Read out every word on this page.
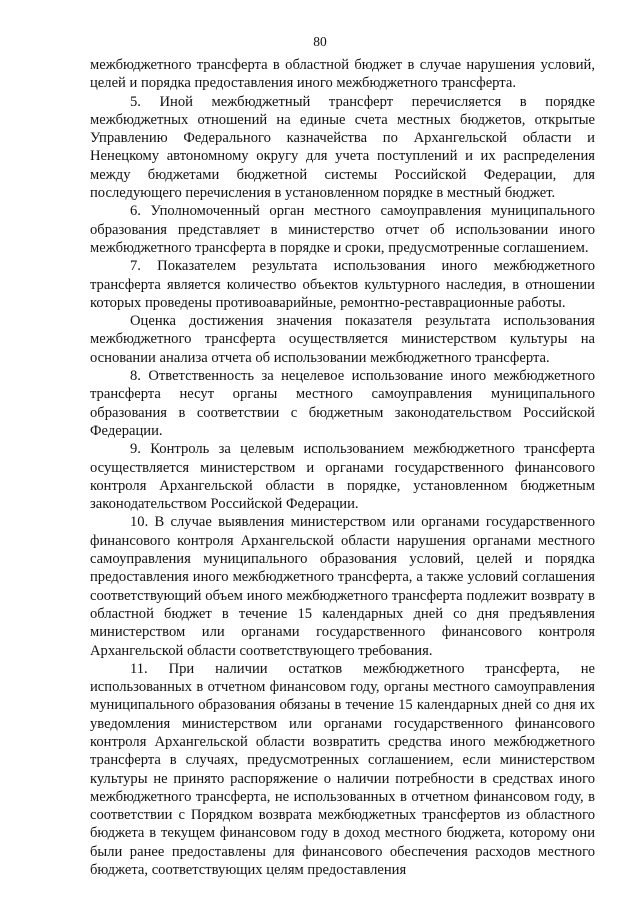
80

межбюджетного трансферта в областной бюджет в случае нарушения условий, целей и порядка предоставления иного межбюджетного трансферта.

5. Иной межбюджетный трансферт перечисляется в порядке межбюджетных отношений на единые счета местных бюджетов, открытые Управлению Федерального казначейства по Архангельской области и Ненецкому автономному округу для учета поступлений и их распределения между бюджетами бюджетной системы Российской Федерации, для последующего перечисления в установленном порядке в местный бюджет.

6. Уполномоченный орган местного самоуправления муниципального образования представляет в министерство отчет об использовании иного межбюджетного трансферта в порядке и сроки, предусмотренные соглашением.

7. Показателем результата использования иного межбюджетного трансферта является количество объектов культурного наследия, в отношении которых проведены противоаварийные, ремонтно-реставрационные работы.

Оценка достижения значения показателя результата использования межбюджетного трансферта осуществляется министерством культуры на основании анализа отчета об использовании межбюджетного трансферта.

8. Ответственность за нецелевое использование иного межбюджетного трансферта несут органы местного самоуправления муниципального образования в соответствии с бюджетным законодательством Российской Федерации.

9. Контроль за целевым использованием межбюджетного трансферта осуществляется министерством и органами государственного финансового контроля Архангельской области в порядке, установленном бюджетным законодательством Российской Федерации.

10. В случае выявления министерством или органами государственного финансового контроля Архангельской области нарушения органами местного самоуправления муниципального образования условий, целей и порядка предоставления иного межбюджетного трансферта, а также условий соглашения соответствующий объем иного межбюджетного трансферта подлежит возврату в областной бюджет в течение 15 календарных дней со дня предъявления министерством или органами государственного финансового контроля Архангельской области соответствующего требования.

11. При наличии остатков межбюджетного трансферта, не использованных в отчетном финансовом году, органы местного самоуправления муниципального образования обязаны в течение 15 календарных дней со дня их уведомления министерством или органами государственного финансового контроля Архангельской области возвратить средства иного межбюджетного трансферта в случаях, предусмотренных соглашением, если министерством культуры не принято распоряжение о наличии потребности в средствах иного межбюджетного трансферта, не использованных в отчетном финансовом году, в соответствии с Порядком возврата межбюджетных трансфертов из областного бюджета в текущем финансовом году в доход местного бюджета, которому они были ранее предоставлены для финансового обеспечения расходов местного бюджета, соответствующих целям предоставления
